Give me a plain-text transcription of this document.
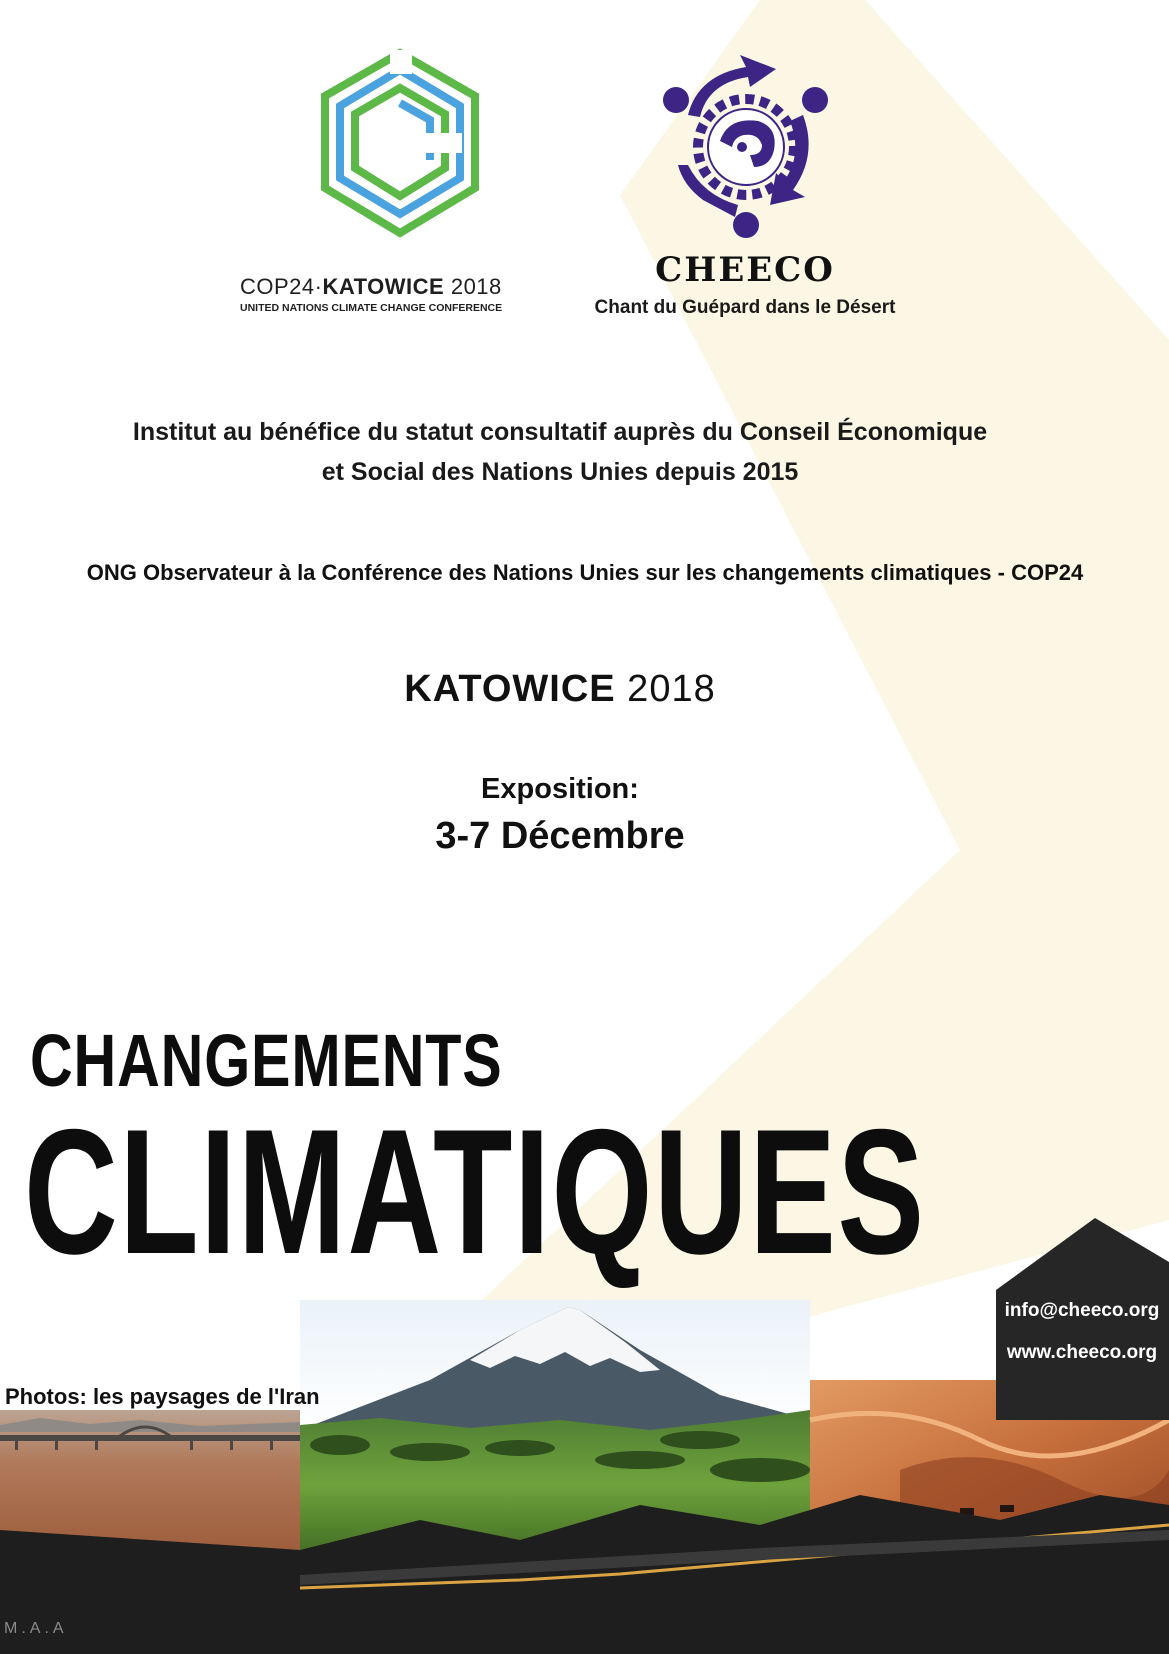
COP24·KATOWICE 2018
UNITED NATIONS CLIMATE CHANGE CONFERENCE
CHEECO
Chant du Guépard dans le Désert
Institut au bénéfice du statut consultatif auprès du Conseil Économique
et Social des Nations Unies depuis 2015
ONG Observateur à la Conférence des Nations Unies sur les changements climatiques - COP24
KATOWICE 2018
Exposition:
3-7 Décembre
CHANGEMENTS
CLIMATIQUES
Photos: les paysages de l'Iran
info@cheeco.org
www.cheeco.org
M.A.A
